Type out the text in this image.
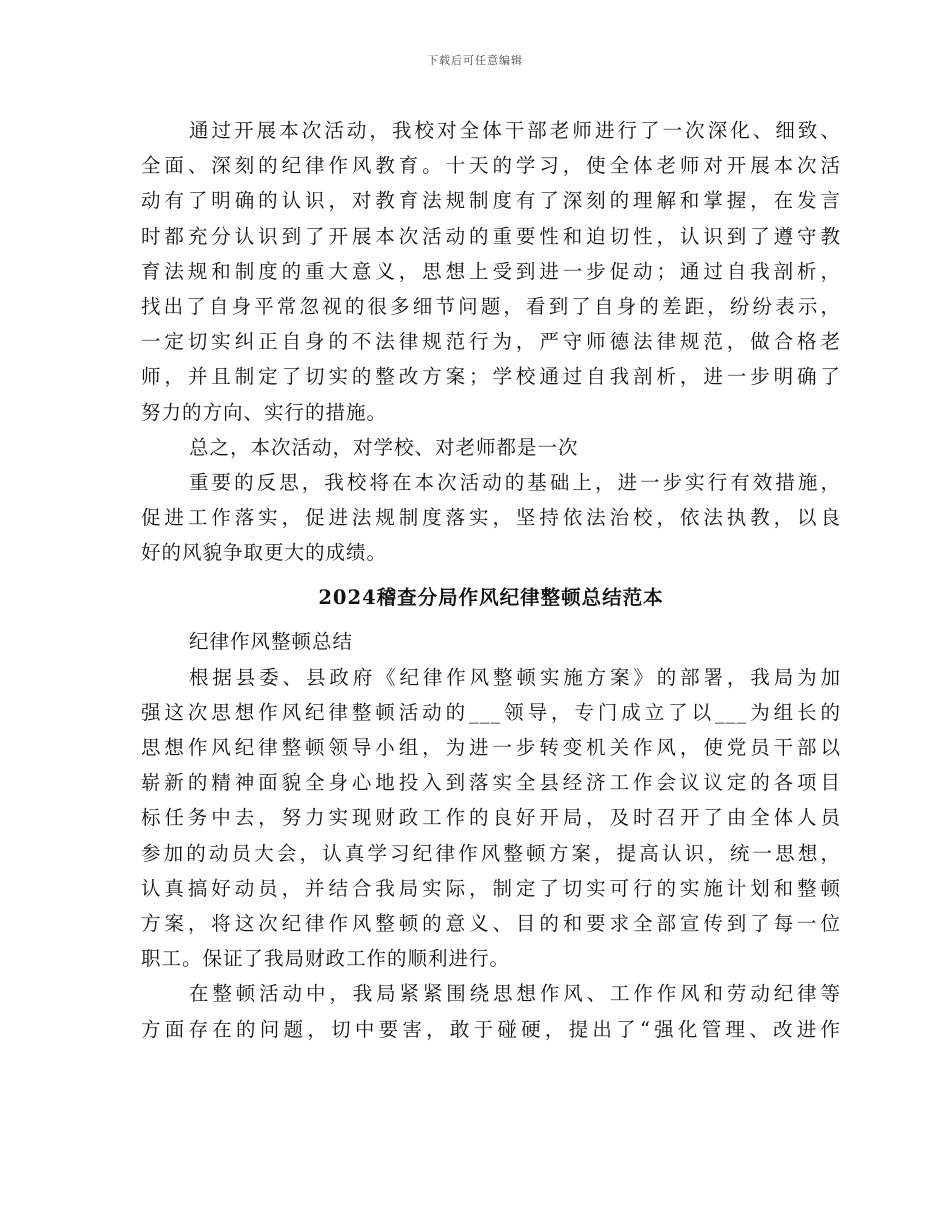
下载后可任意编辑
通过开展本次活动，我校对全体干部老师进行了一次深化、细致、
全面、深刻的纪律作风教育。十天的学习，使全体老师对开展本次活
动有了明确的认识，对教育法规制度有了深刻的理解和掌握，在发言
时都充分认识到了开展本次活动的重要性和迫切性，认识到了遵守教
育法规和制度的重大意义，思想上受到进一步促动；通过自我剖析，
找出了自身平常忽视的很多细节问题，看到了自身的差距，纷纷表示，
一定切实纠正自身的不法律规范行为，严守师德法律规范，做合格老
师，并且制定了切实的整改方案；学校通过自我剖析，进一步明确了
努力的方向、实行的措施。
总之，本次活动，对学校、对老师都是一次
重要的反思，我校将在本次活动的基础上，进一步实行有效措施，
促进工作落实，促进法规制度落实，坚持依法治校，依法执教，以良
好的风貌争取更大的成绩。
2024稽查分局作风纪律整顿总结范本
纪律作风整顿总结
根据县委、县政府《纪律作风整顿实施方案》的部署，我局为加
强这次思想作风纪律整顿活动的___领导，专门成立了以___为组长的
思想作风纪律整顿领导小组，为进一步转变机关作风，使党员干部以
崭新的精神面貌全身心地投入到落实全县经济工作会议议定的各项目
标任务中去，努力实现财政工作的良好开局，及时召开了由全体人员
参加的动员大会，认真学习纪律作风整顿方案，提高认识，统一思想，
认真搞好动员，并结合我局实际，制定了切实可行的实施计划和整顿
方案，将这次纪律作风整顿的意义、目的和要求全部宣传到了每一位
职工。保证了我局财政工作的顺利进行。
在整顿活动中，我局紧紧围绕思想作风、工作作风和劳动纪律等
方面存在的问题，切中要害，敢于碰硬，提出了“强化管理、改进作
